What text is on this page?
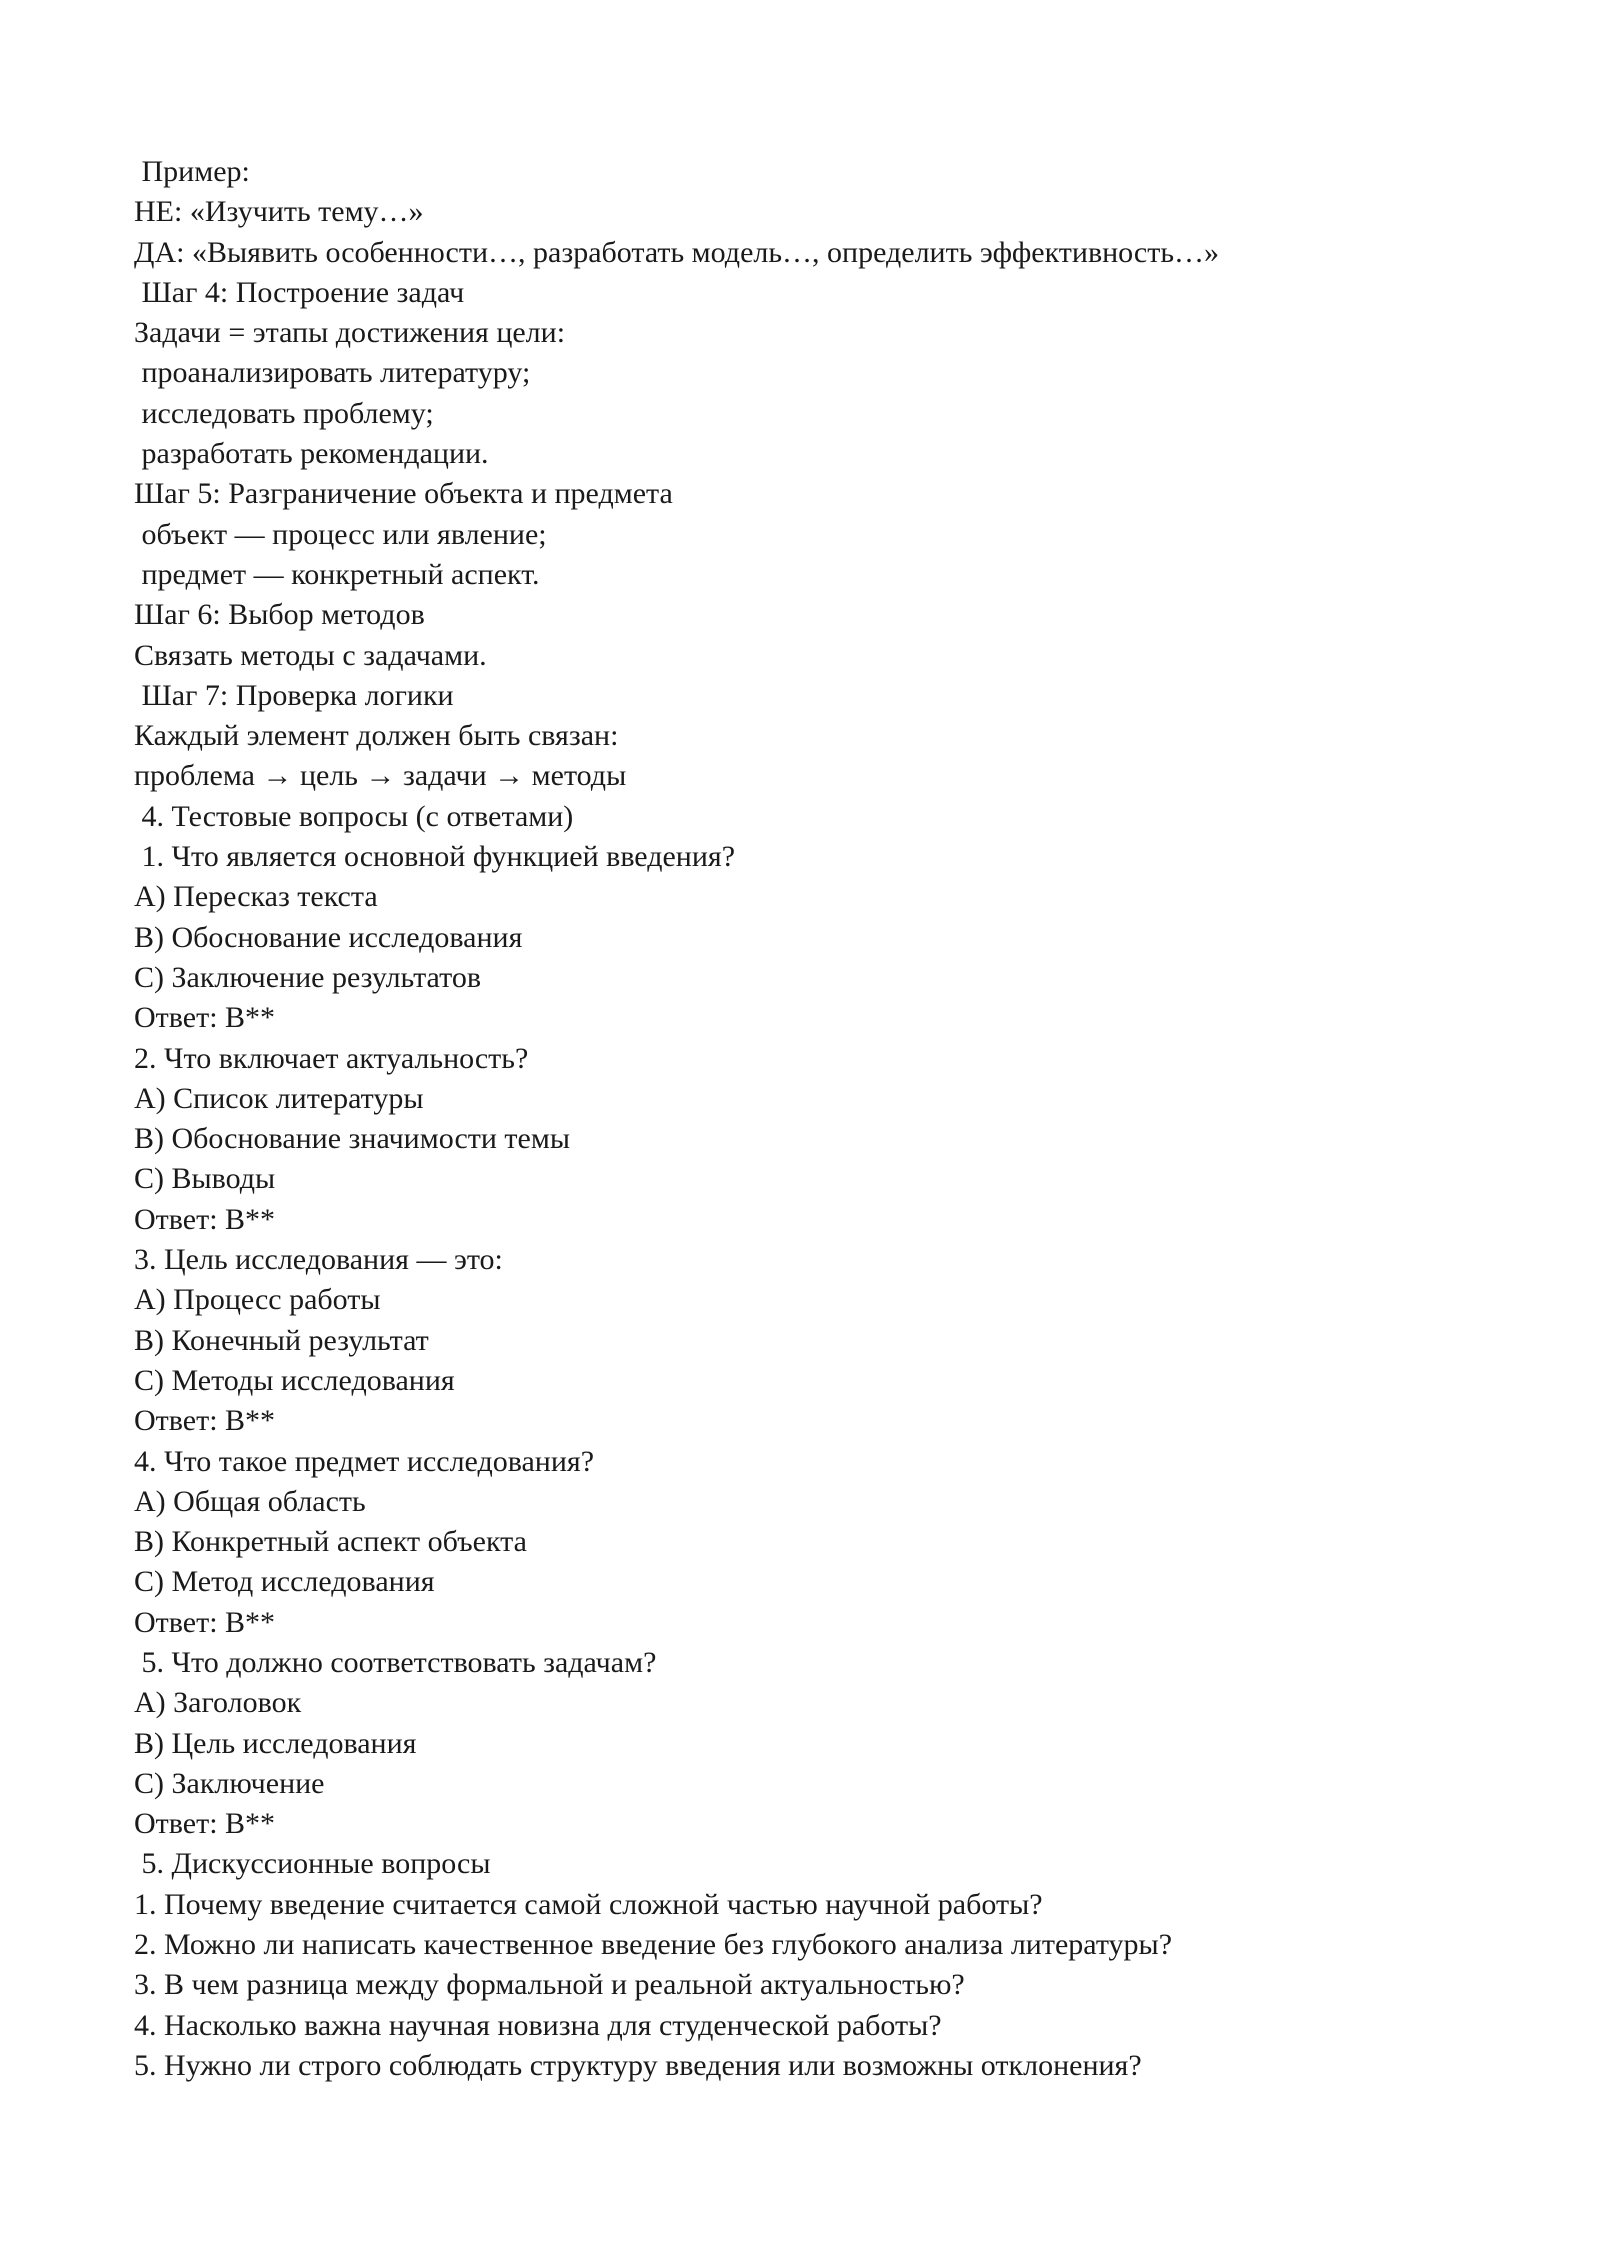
Пример:
НЕ: «Изучить тему…»
ДА: «Выявить особенности…, разработать модель…, определить эффективность…»
Шаг 4: Построение задач
Задачи = этапы достижения цели:
проанализировать литературу;
исследовать проблему;
разработать рекомендации.
Шаг 5: Разграничение объекта и предмета
объект — процесс или явление;
предмет — конкретный аспект.
Шаг 6: Выбор методов
Связать методы с задачами.
Шаг 7: Проверка логики
Каждый элемент должен быть связан:
проблема → цель → задачи → методы
4. Тестовые вопросы (с ответами)
1. Что является основной функцией введения?
A) Пересказ текста
B) Обоснование исследования
C) Заключение результатов
Ответ: B**
2. Что включает актуальность?
A) Список литературы
B) Обоснование значимости темы
C) Выводы
Ответ: B**
3. Цель исследования — это:
A) Процесс работы
B) Конечный результат
C) Методы исследования
Ответ: B**
4. Что такое предмет исследования?
A) Общая область
B) Конкретный аспект объекта
C) Метод исследования
Ответ: B**
5. Что должно соответствовать задачам?
A) Заголовок
B) Цель исследования
C) Заключение
Ответ: B**
5. Дискуссионные вопросы
1. Почему введение считается самой сложной частью научной работы?
2. Можно ли написать качественное введение без глубокого анализа литературы?
3. В чем разница между формальной и реальной актуальностью?
4. Насколько важна научная новизна для студенческой работы?
5. Нужно ли строго соблюдать структуру введения или возможны отклонения?
